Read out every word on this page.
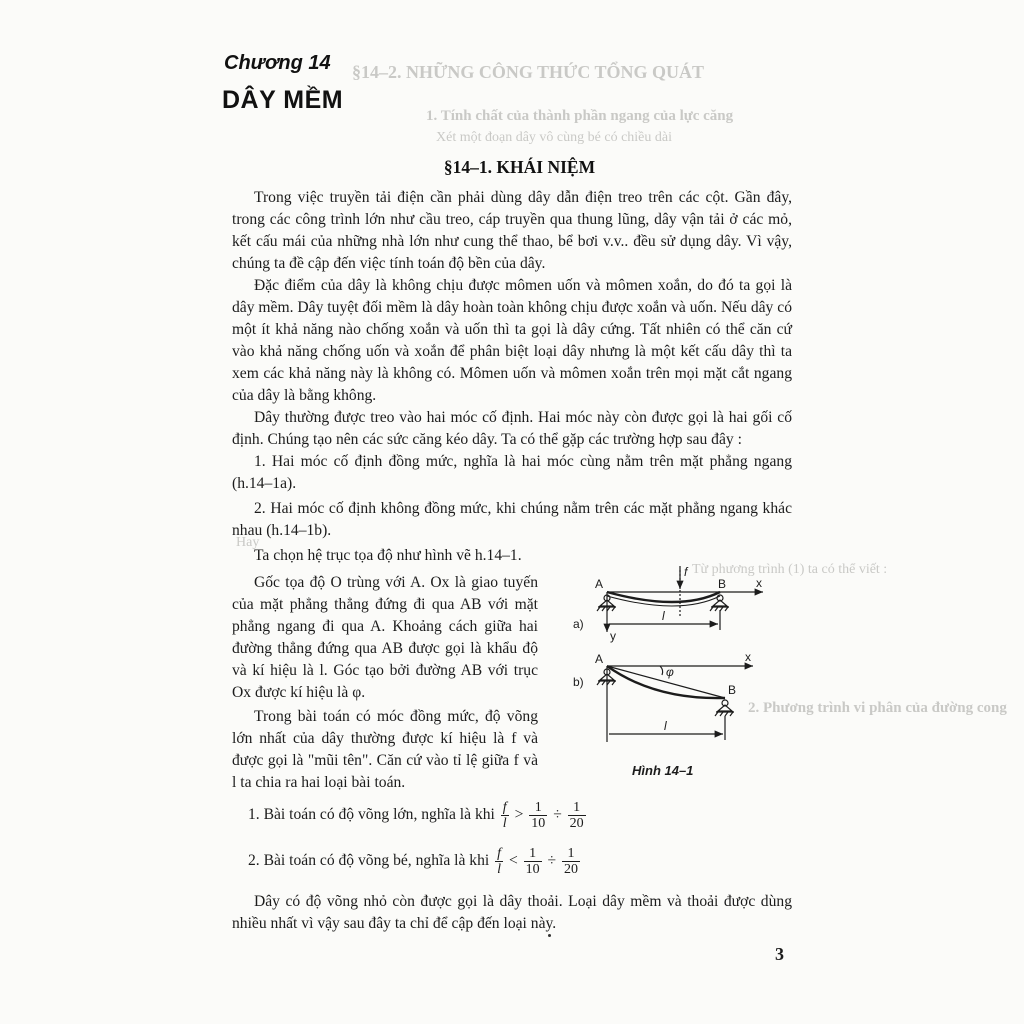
§14–2. NHỮNG CÔNG THỨC TỔNG QUÁT
1. Tính chất của thành phần ngang của lực căng
Xét một đoạn dây vô cùng bé có chiều dài
Hay
Từ phương trình (1) ta có thể viết :
2. Phương trình vi phân của đường cong
Chương 14
DÂY MỀM
§14–1. KHÁI NIỆM

Trong việc truyền tải điện cần phải dùng dây dẫn điện treo trên các cột. Gần đây, trong các công trình lớn như cầu treo, cáp truyền qua thung lũng, dây vận tải ở các mỏ, kết cấu mái của những nhà lớn như cung thể thao, bể bơi v.v.. đều sử dụng dây. Vì vậy, chúng ta đề cập đến việc tính toán độ bền của dây.

Đặc điểm của dây là không chịu được mômen uốn và mômen xoắn, do đó ta gọi là dây mềm. Dây tuyệt đối mềm là dây hoàn toàn không chịu được xoắn và uốn. Nếu dây có một ít khả năng nào chống xoắn và uốn thì ta gọi là dây cứng. Tất nhiên có thể căn cứ vào khả năng chống uốn và xoắn để phân biệt loại dây nhưng là một kết cấu dây thì ta xem các khả năng này là không có. Mômen uốn và mômen xoắn trên mọi mặt cắt ngang của dây là bằng không.

Dây thường được treo vào hai móc cố định. Hai móc này còn được gọi là hai gối cố định. Chúng tạo nên các sức căng kéo dây. Ta có thể gặp các trường hợp sau đây :

1. Hai móc cố định đồng mức, nghĩa là hai móc cùng nằm trên mặt phẳng ngang (h.14–1a).

2. Hai móc cố định không đồng mức, khi chúng nằm trên các mặt phẳng ngang khác nhau (h.14–1b).

Ta chọn hệ trục tọa độ như hình vẽ h.14–1.

Gốc tọa độ O trùng với A. Ox là giao tuyến của mặt phẳng thẳng đứng đi qua AB với mặt phẳng ngang đi qua A. Khoảng cách giữa hai đường thẳng đứng qua AB được gọi là khẩu độ và kí hiệu là l. Góc tạo bởi đường AB với trục Ox được kí hiệu là φ.

Trong bài toán có móc đồng mức, độ võng lớn nhất của dây thường được kí hiệu là f và được gọi là "mũi tên". Căn cứ vào tỉ lệ giữa f và l ta chia ra hai loại bài toán.

1. Bài toán có độ võng lớn, nghĩa là khi $\frac{f}{l} > \frac{1}{10} \div \frac{1}{20}$
2. Bài toán có độ võng bé, nghĩa là khi $\frac{f}{l} < \frac{1}{10} \div \frac{1}{20}$

Dây có độ võng nhỏ còn được gọi là dây thoải. Loại dây mềm và thoải được dùng nhiều nhất vì vậy sau đây ta chỉ để cập đến loại này.

A	B x
f
a)
y
l
A	x
φ
b)
B
l
Hình 14–1
3
